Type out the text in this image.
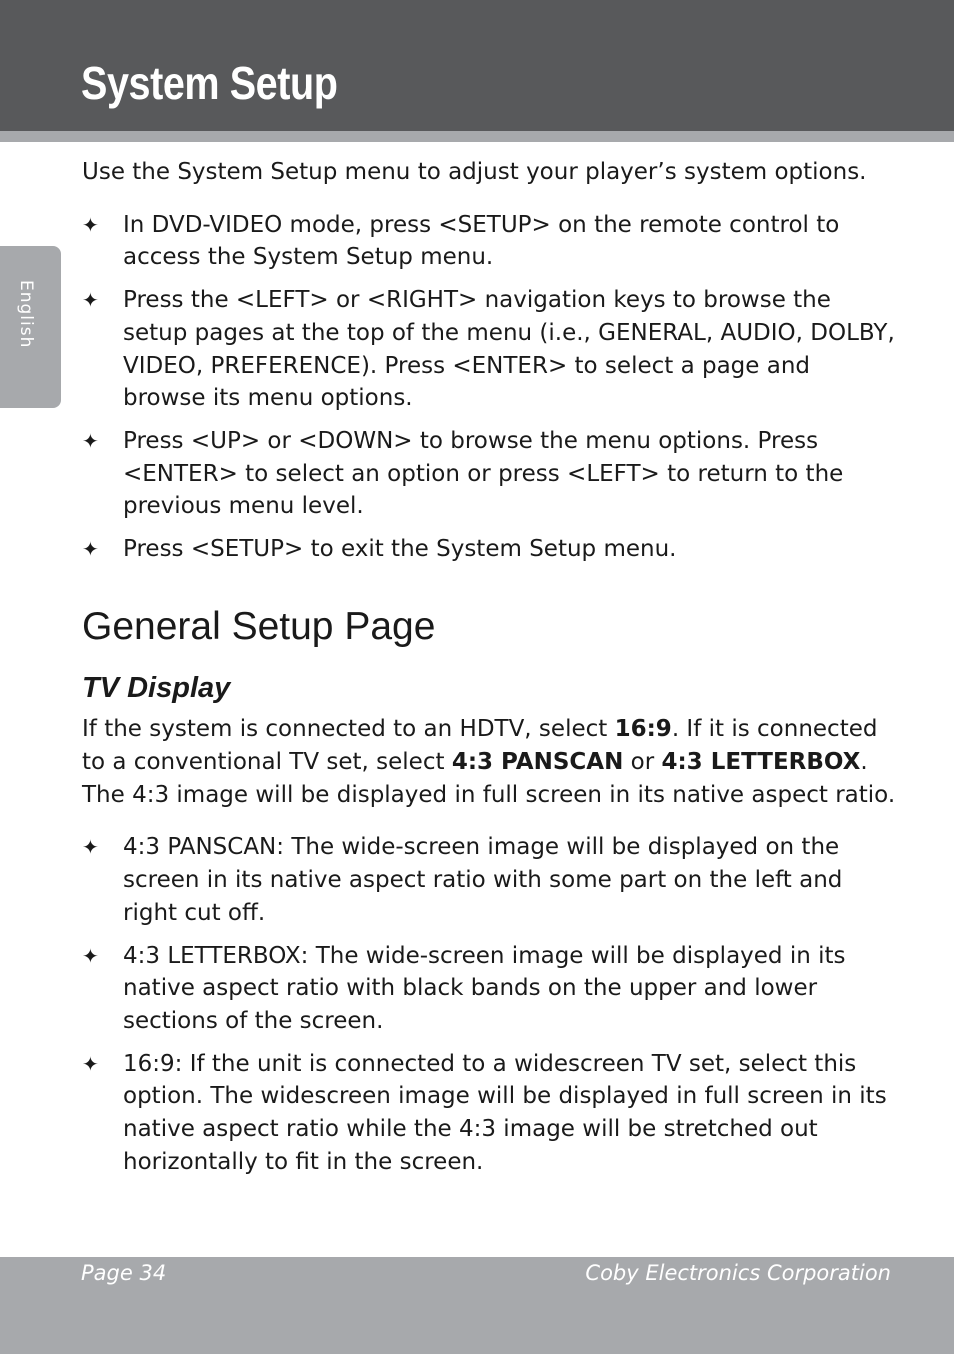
System Setup
English

Use the System Setup menu to adjust your player’s system options.

✦ In DVD-VIDEO mode, press <SETUP> on the remote control to access the System Setup menu.
✦ Press the <LEFT> or <RIGHT> navigation keys to browse the setup pages at the top of the menu (i.e., GENERAL, AUDIO, DOLBY, VIDEO, PREFERENCE). Press <ENTER> to select a page and browse its menu options.
✦ Press <UP> or <DOWN> to browse the menu options. Press <ENTER> to select an option or press <LEFT> to return to the previous menu level.
✦ Press <SETUP> to exit the System Setup menu.
General Setup Page
TV Display

If the system is connected to an HDTV, select 16:9. If it is connected to a conventional TV set, select 4:3 PANSCAN or 4:3 LETTERBOX. The 4:3 image will be displayed in full screen in its native aspect ratio.

✦ 4:3 PANSCAN: The wide-screen image will be displayed on the screen in its native aspect ratio with some part on the left and right cut off.
✦ 4:3 LETTERBOX: The wide-screen image will be displayed in its native aspect ratio with black bands on the upper and lower sections of the screen.
✦ 16:9: If the unit is connected to a widescreen TV set, select this option. The widescreen image will be displayed in full screen in its native aspect ratio while the 4:3 image will be stretched out horizontally to fit in the screen.
Page 34	Coby Electronics Corporation
